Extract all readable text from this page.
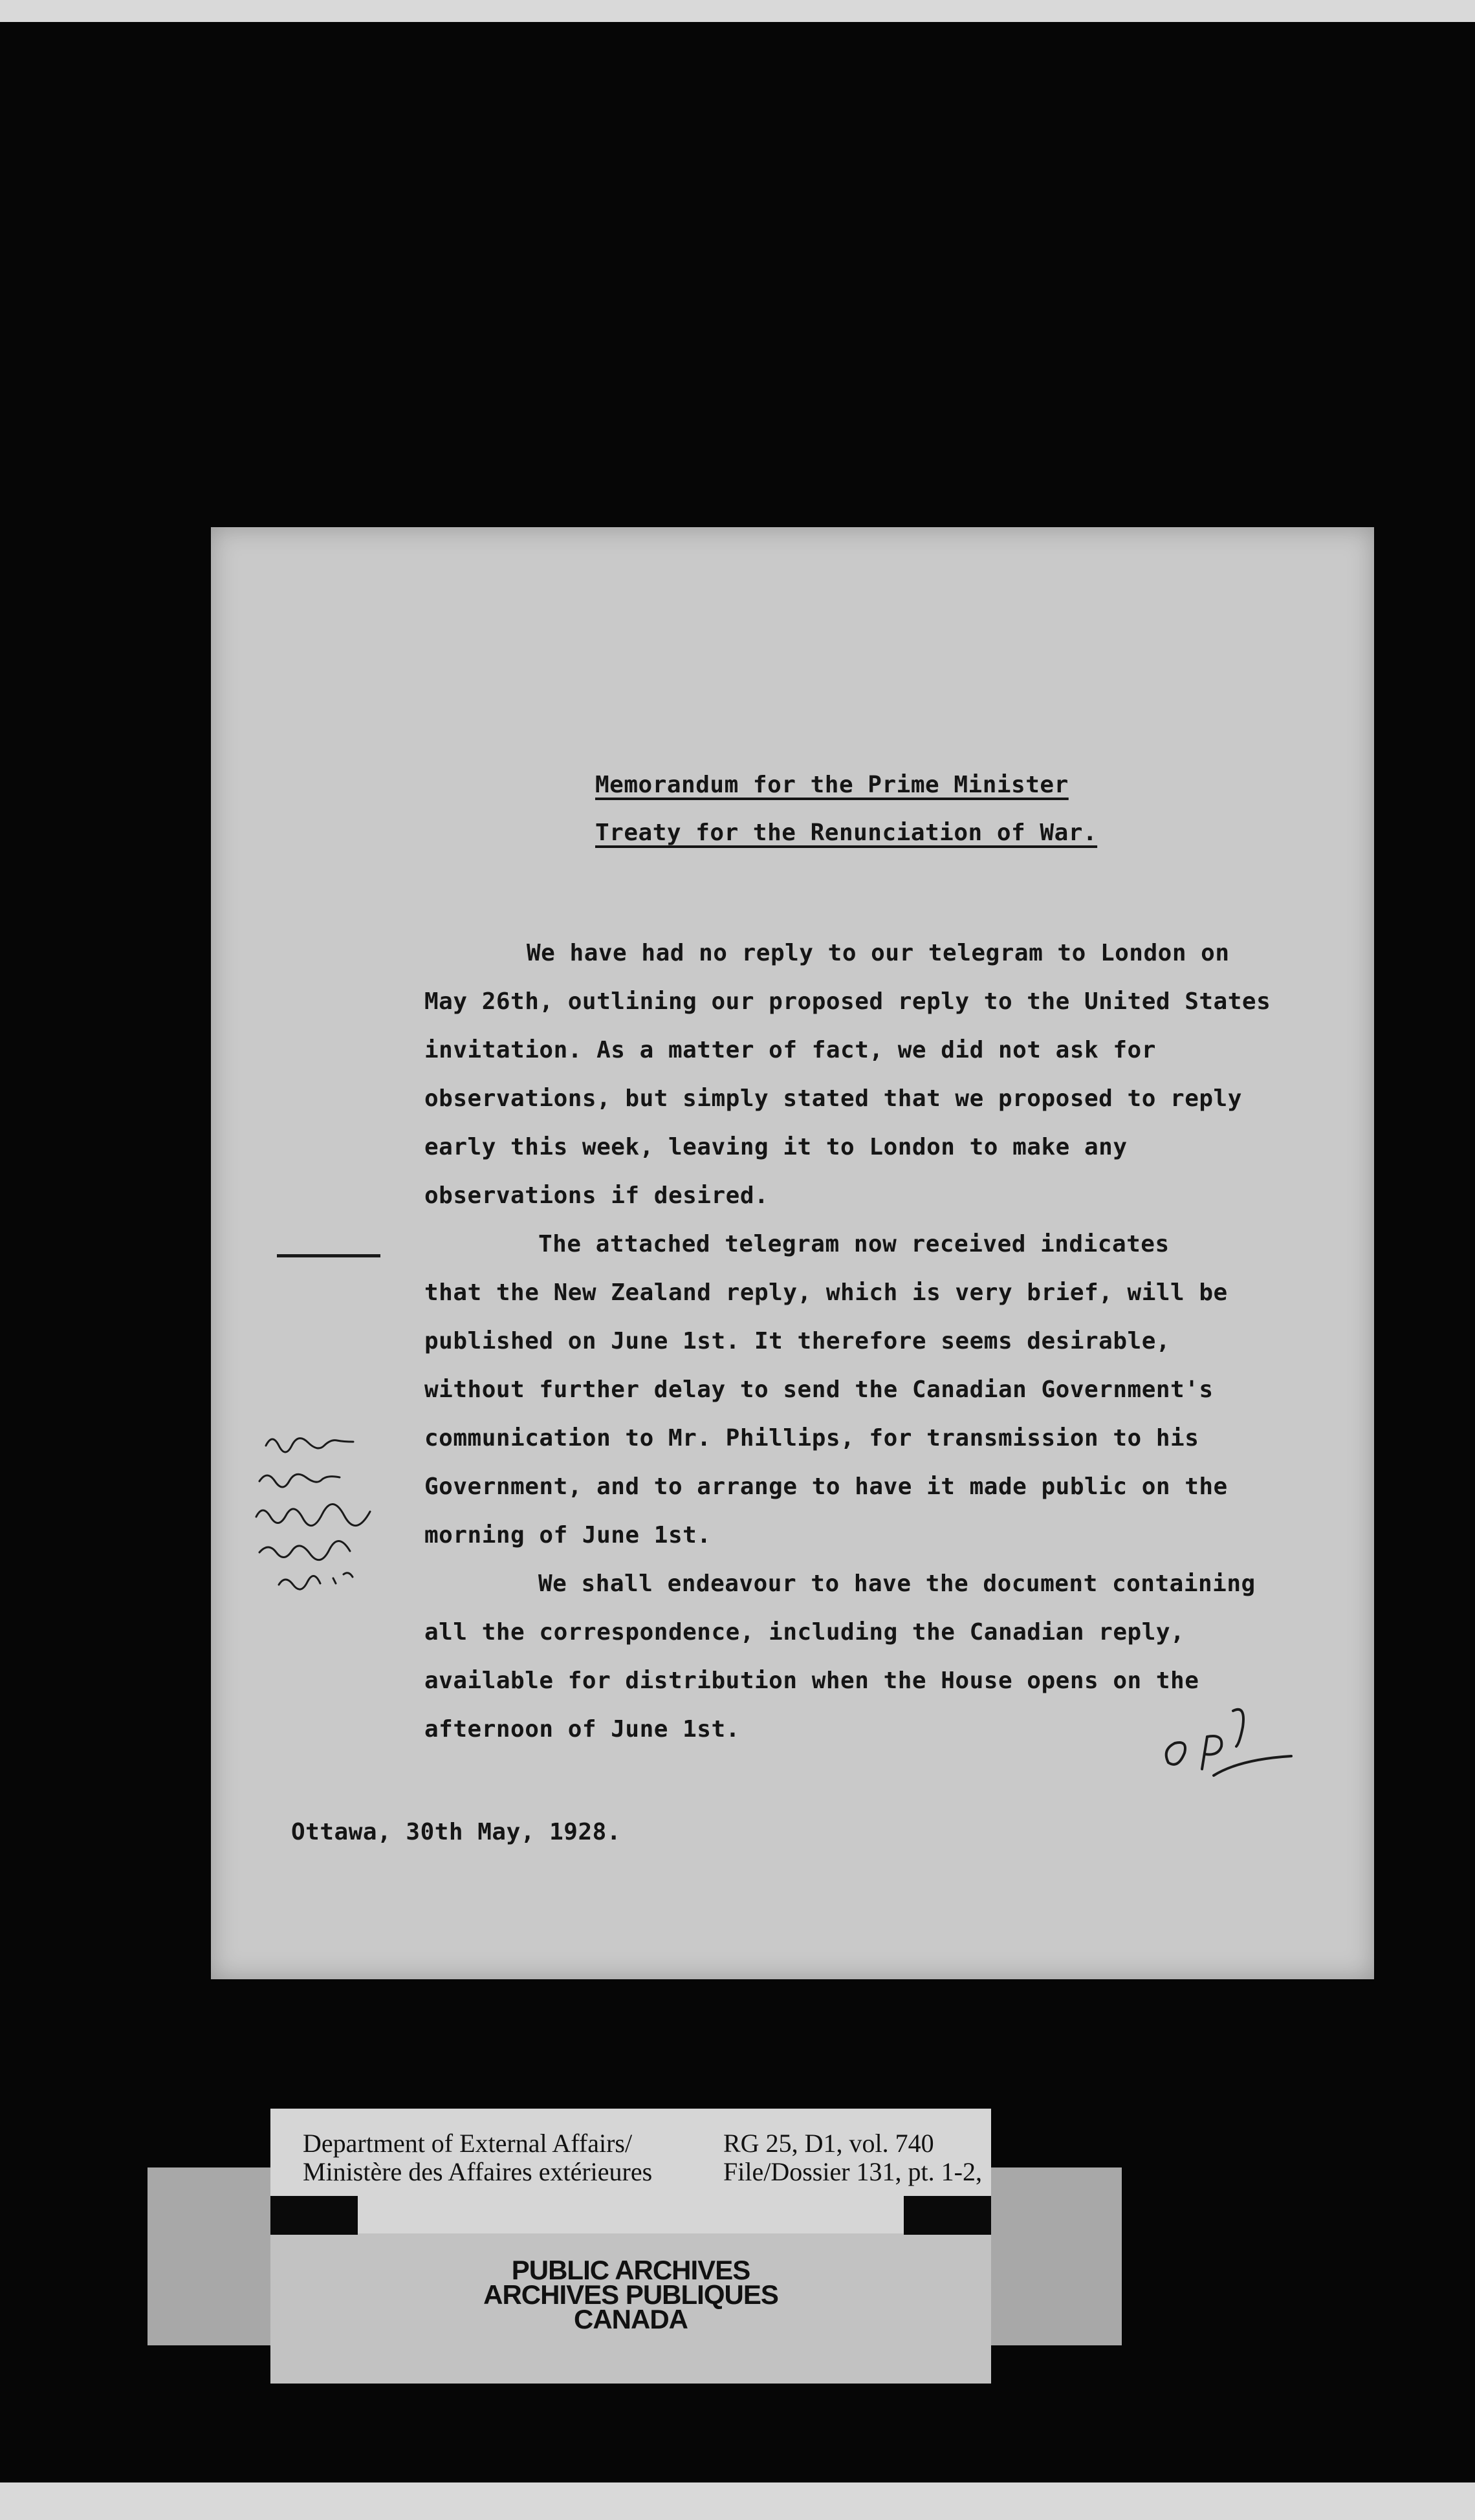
Memorandum for the Prime Minister
Treaty for the Renunciation of War.
We have had no reply to our telegram to London on
May 26th, outlining our proposed reply to the United States
invitation. As a matter of fact, we did not ask for
observations, but simply stated that we proposed to reply
early this week, leaving it to London to make any
observations if desired.
The attached telegram now received indicates
that the New Zealand reply, which is very brief, will be
published on June 1st. It therefore seems desirable,
without further delay to send the Canadian Government's
communication to Mr. Phillips, for transmission to his
Government, and to arrange to have it made public on the
morning of June 1st.
We shall endeavour to have the document containing
all the correspondence, including the Canadian reply,
available for distribution when the House opens on the
afternoon of June 1st.
Ottawa, 30th May, 1928.
Department of External Affairs/
Ministère des Affaires extérieures
RG 25, D1, vol. 740
File/Dossier 131, pt. 1-2,
PUBLIC ARCHIVES
ARCHIVES PUBLIQUES
CANADA
